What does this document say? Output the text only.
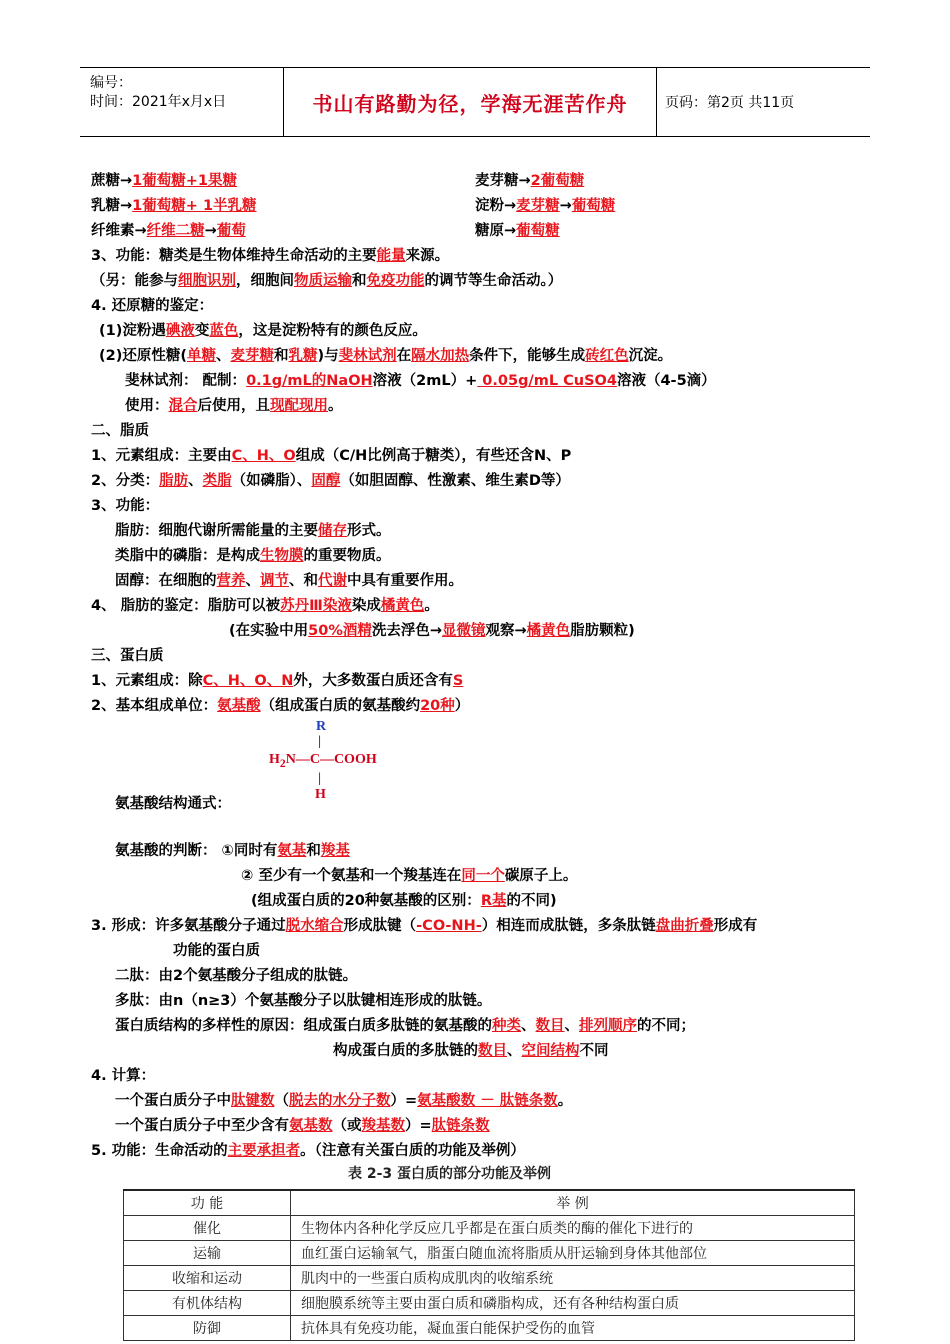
编号：
时间：2021年x月x日	书山有路勤为径，学海无涯苦作舟	页码：第2页 共11页
蔗糖→1葡萄糖+1果糖	麦芽糖→2葡萄糖
乳糖→1葡萄糖+ 1半乳糖	淀粉→麦芽糖→葡萄糖
纤维素→纤维二糖→葡萄	糖原→葡萄糖
3、功能：糖类是生物体维持生命活动的主要能量来源。
（另：能参与细胞识别，细胞间物质运输和免疫功能的调节等生命活动。）
4. 还原糖的鉴定：
(1)淀粉遇碘液变蓝色，这是淀粉特有的颜色反应。
(2)还原性糖(单糖、麦芽糖和乳糖)与斐林试剂在隔水加热条件下，能够生成砖红色沉淀。
斐林试剂： 配制：0.1g/mL的NaOH溶液（2mL）+ 0.05g/mL CuSO4溶液（4-5滴）
使用：混合后使用，且现配现用。
二、脂质
1、元素组成：主要由C、H、O组成（C/H比例高于糖类），有些还含N、P
2、分类：脂肪、类脂（如磷脂）、固醇（如胆固醇、性激素、维生素D等）
3、功能：
脂肪：细胞代谢所需能量的主要储存形式。
类脂中的磷脂：是构成生物膜的重要物质。
固醇：在细胞的营养、调节、和代谢中具有重要作用。
4、 脂肪的鉴定：脂肪可以被苏丹Ⅲ染液染成橘黄色。
(在实验中用50%酒精洗去浮色→显微镜观察→橘黄色脂肪颗粒)
三、蛋白质
1、元素组成：除C、H、O、N外，大多数蛋白质还含有S
2、基本组成单位：氨基酸（组成蛋白质的氨基酸约20种）
R
|
$H_2N—C—COOH$
|
H
氨基酸结构通式：
氨基酸的判断： ①同时有氨基和羧基
② 至少有一个氨基和一个羧基连在同一个碳原子上。
(组成蛋白质的20种氨基酸的区别：R基的不同)
3. 形成：许多氨基酸分子通过脱水缩合形成肽键（-CO-NH-）相连而成肽链，多条肽链盘曲折叠形成有
功能的蛋白质
二肽：由2个氨基酸分子组成的肽链。
多肽：由n（n≥3）个氨基酸分子以肽键相连形成的肽链。
蛋白质结构的多样性的原因：组成蛋白质多肽链的氨基酸的种类、数目、排列顺序的不同；
构成蛋白质的多肽链的数目、空间结构不同
4. 计算：
一个蛋白质分子中肽键数（脱去的水分子数）=氨基酸数 － 肽链条数。
一个蛋白质分子中至少含有氨基数（或羧基数）=肽链条数
5. 功能：生命活动的主要承担者。（注意有关蛋白质的功能及举例）
表 2-3 蛋白质的部分功能及举例
功 能	举 例
催化	生物体内各种化学反应几乎都是在蛋白质类的酶的催化下进行的
运输	血红蛋白运输氧气，脂蛋白随血流将脂质从肝运输到身体其他部位
收缩和运动	肌肉中的一些蛋白质构成肌肉的收缩系统
有机体结构	细胞膜系统等主要由蛋白质和磷脂构成，还有各种结构蛋白质
防御	抗体具有免疫功能，凝血蛋白能保护受伤的血管
